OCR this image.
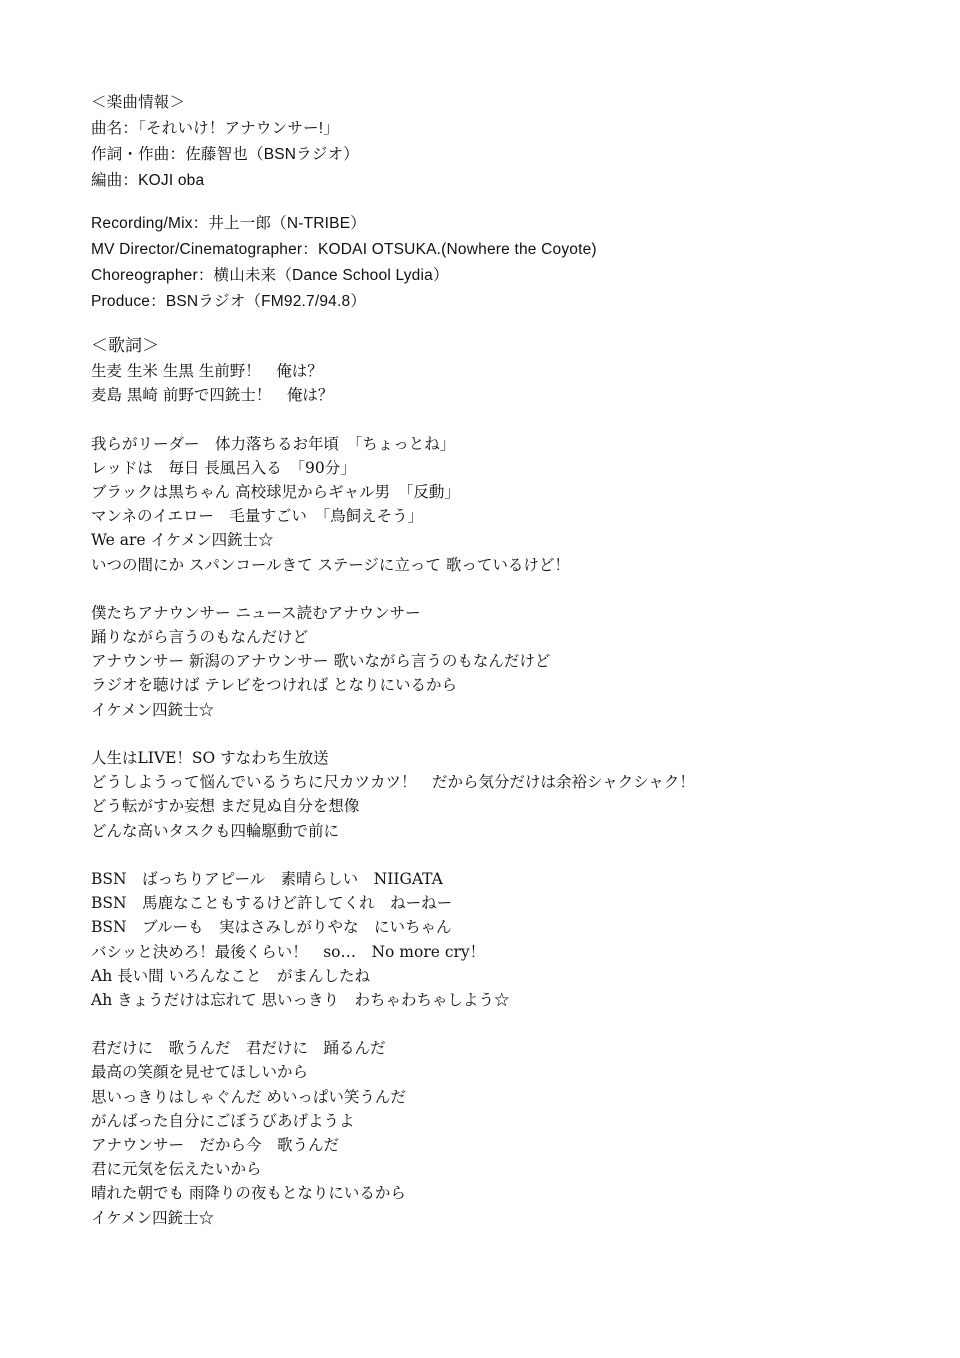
＜楽曲情報＞
曲名：「それいけ！アナウンサー!」
作詞・作曲：佐藤智也（BSNラジオ）
編曲：KOJI oba
Recording/Mix：井上一郎（N-TRIBE）
MV Director/Cinematographer：KODAI OTSUKA.(Nowhere the Coyote)
Choreographer：横山未来（Dance School Lydia）
Produce：BSNラジオ（FM92.7/94.8）
＜歌詞＞
生麦 生米 生黒 生前野！　俺は？
麦島 黒崎 前野で四銃士！　俺は？
我らがリーダー　体力落ちるお年頃　「ちょっとね」
レッドは　毎日 長風呂入る　「90分」
ブラックは黒ちゃん 高校球児からギャル男　「反動」
マンネのイエロー　毛量すごい　「鳥飼えそう」
We are イケメン四銃士☆
いつの間にか スパンコールきて ステージに立って 歌っているけど！
僕たちアナウンサー ニュース読むアナウンサー
踊りながら言うのもなんだけど
アナウンサー 新潟のアナウンサー 歌いながら言うのもなんだけど
ラジオを聴けば テレビをつければ となりにいるから
イケメン四銃士☆
人生はLIVE！SO すなわち生放送
どうしようって悩んでいるうちに尺カツカツ！　だから気分だけは余裕シャクシャク！
どう転がすか妄想 まだ見ぬ自分を想像
どんな高いタスクも四輪駆動で前に
BSN　ばっちりアピール　素晴らしい　NIIGATA
BSN　馬鹿なこともするけど許してくれ　ねーねー
BSN　ブルーも　実はさみしがりやな　にいちゃん
バシッと決めろ！最後くらい！　so…　No more cry！
Ah 長い間 いろんなこと　がまんしたね
Ah きょうだけは忘れて 思いっきり　わちゃわちゃしよう☆
君だけに　歌うんだ　君だけに　踊るんだ
最高の笑顔を見せてほしいから
思いっきりはしゃぐんだ めいっぱい笑うんだ
がんばった自分にごぼうびあげようよ
アナウンサー　だから今　歌うんだ
君に元気を伝えたいから
晴れた朝でも 雨降りの夜もとなりにいるから
イケメン四銃士☆
